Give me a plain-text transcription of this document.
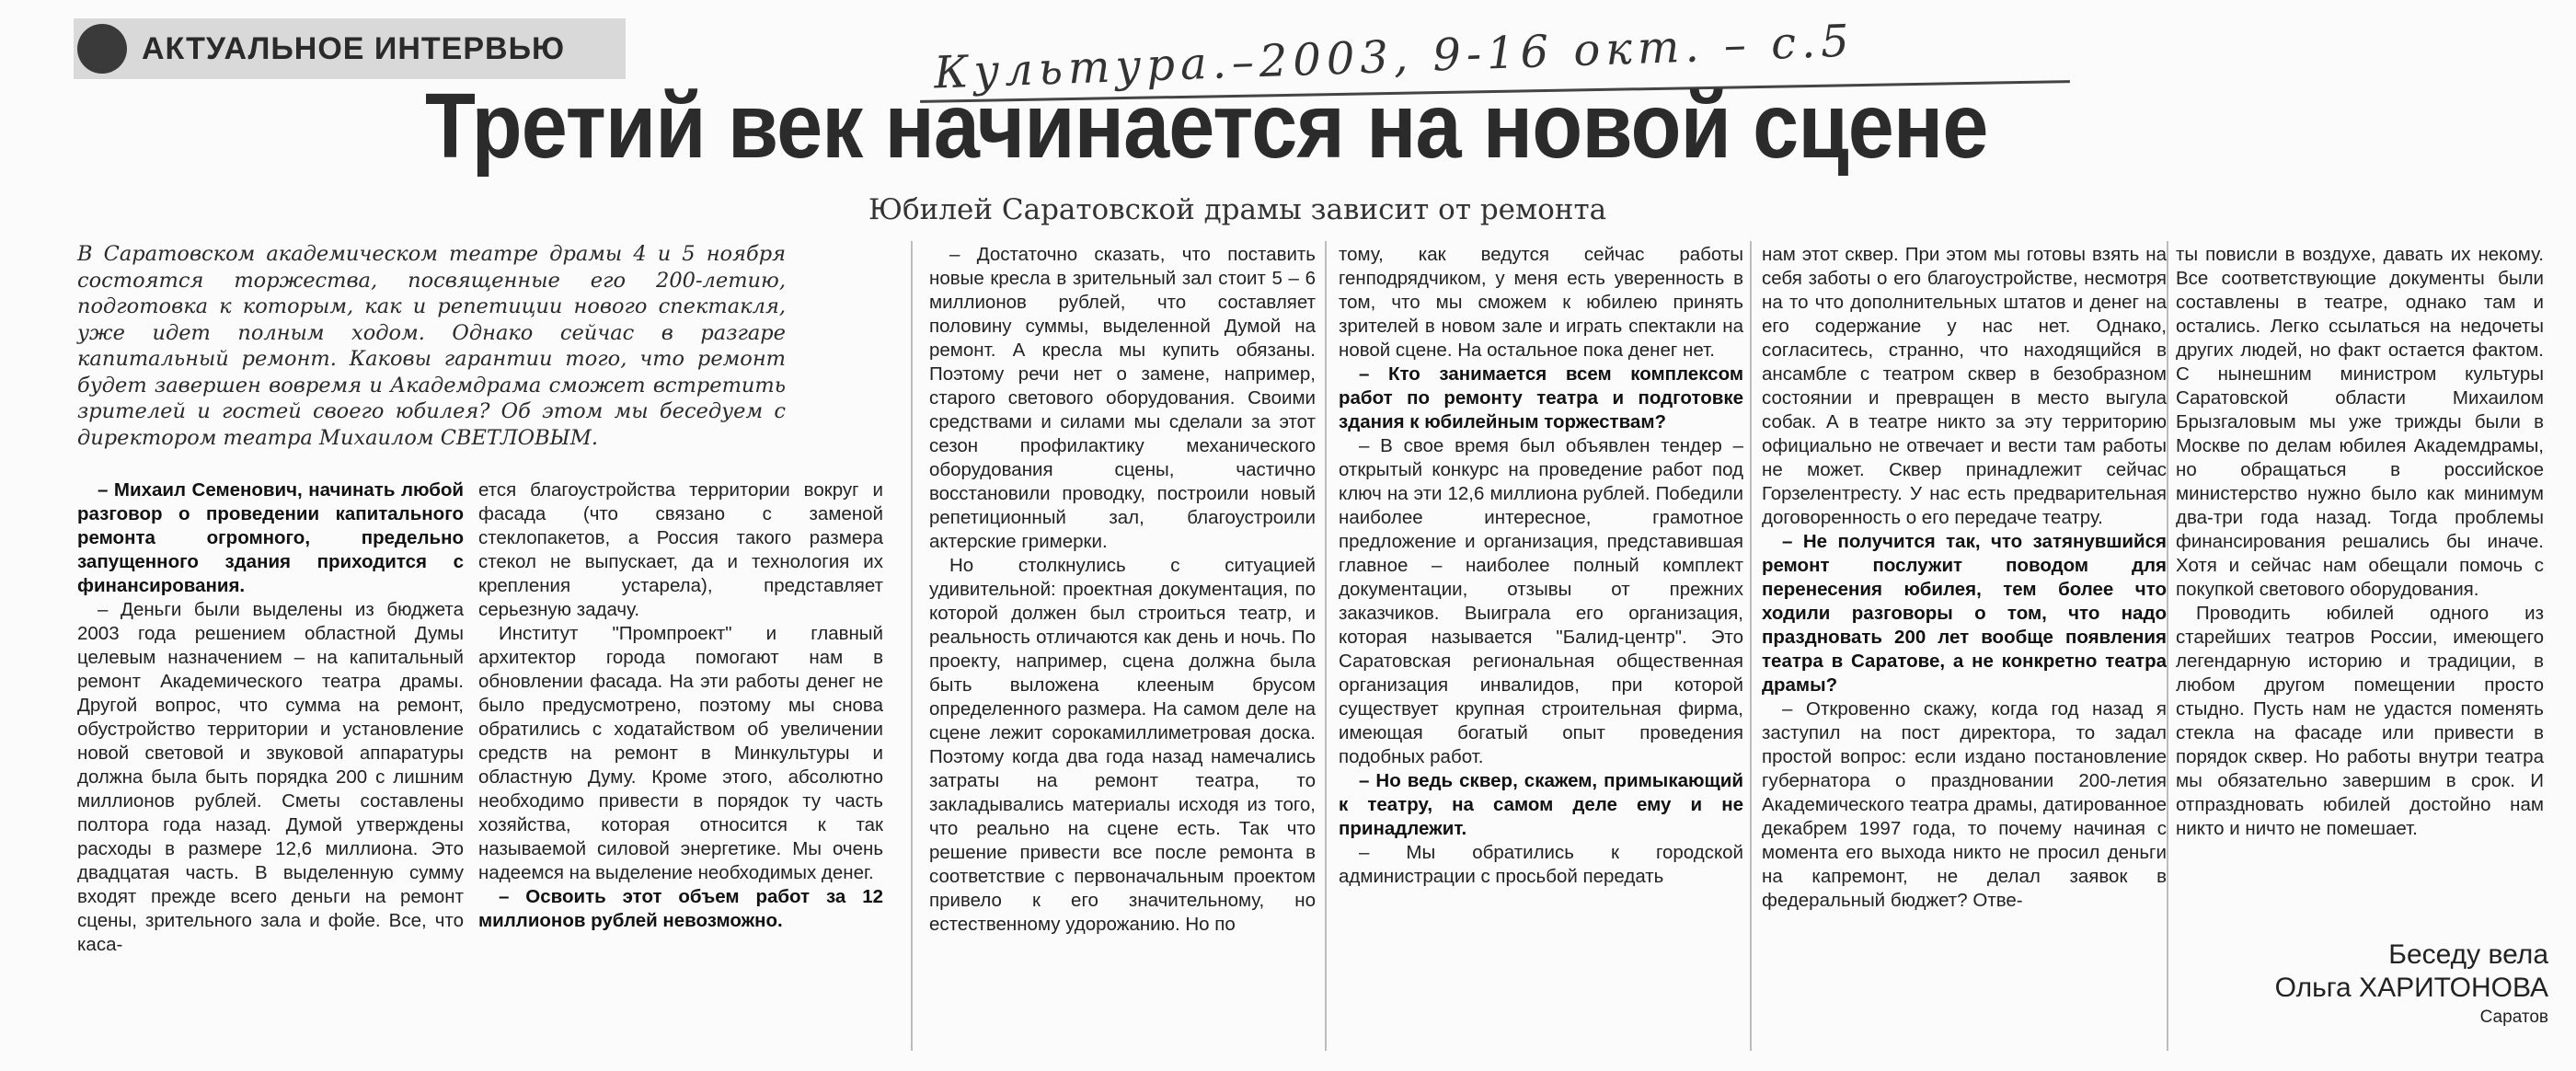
АКТУАЛЬНОЕ ИНТЕРВЬЮ	Культура.–2003, 9-16 окт. – с.5
Третий век начинается на новой сцене
Юбилей Саратовской драмы зависит от ремонта

В Саратовском академическом театре драмы 4 и 5 ноября состоятся торжества, посвященные его 200-летию, подготовка к которым, как и репетиции нового спектакля, уже идет полным ходом. Однако сейчас в разгаре капитальный ремонт. Каковы гарантии того, что ремонт будет завершен вовремя и Академдрама сможет встретить зрителей и гостей своего юбилея? Об этом мы беседуем с директором театра Михаилом СВЕТЛОВЫМ.

– Михаил Семенович, начинать любой разговор о проведении капитального ремонта огромного, предельно запущенного здания приходится с финансирования.

– Деньги были выделены из бюджета 2003 года решением областной Думы целевым назначением – на капитальный ремонт Академического театра драмы. Другой вопрос, что сумма на ремонт, обустройство территории и установление новой световой и звуковой аппаратуры должна была быть порядка 200 с лишним миллионов рублей. Сметы составлены полтора года назад. Думой утверждены расходы в размере 12,6 миллиона. Это двадцатая часть. В выделенную сумму входят прежде всего деньги на ремонт сцены, зрительного зала и фойе. Все, что каса-

ется благоустройства территории вокруг и фасада (что связано с заменой стеклопакетов, а Россия такого размера стекол не выпускает, да и технология их крепления устарела), представляет серьезную задачу.

Институт "Промпроект" и главный архитектор города помогают нам в обновлении фасада. На эти работы денег не было предусмотрено, поэтому мы снова обратились с ходатайством об увеличении средств на ремонт в Минкультуры и областную Думу. Кроме этого, абсолютно необходимо привести в порядок ту часть хозяйства, которая относится к так называемой силовой энергетике. Мы очень надеемся на выделение необходимых денег.

– Освоить этот объем работ за 12 миллионов рублей невозможно.

– Достаточно сказать, что поставить новые кресла в зрительный зал стоит 5 – 6 миллионов рублей, что составляет половину суммы, выделенной Думой на ремонт. А кресла мы купить обязаны. Поэтому речи нет о замене, например, старого светового оборудования. Своими средствами и силами мы сделали за этот сезон профилактику механического оборудования сцены, частично восстановили проводку, построили новый репетиционный зал, благоустроили актерские гримерки.

Но столкнулись с ситуацией удивительной: проектная документация, по которой должен был строиться театр, и реальность отличаются как день и ночь. По проекту, например, сцена должна была быть выложена клееным брусом определенного размера. На самом деле на сцене лежит сорокамиллиметровая доска. Поэтому когда два года назад намечались затраты на ремонт театра, то закладывались материалы исходя из того, что реально на сцене есть. Так что решение привести все после ремонта в соответствие с первоначальным проектом привело к его значительному, но естественному удорожанию. Но по

тому, как ведутся сейчас работы генподрядчиком, у меня есть уверенность в том, что мы сможем к юбилею принять зрителей в новом зале и играть спектакли на новой сцене. На остальное пока денег нет.

– Кто занимается всем комплексом работ по ремонту театра и подготовке здания к юбилейным торжествам?

– В свое время был объявлен тендер – открытый конкурс на проведение работ под ключ на эти 12,6 миллиона рублей. Победили наиболее интересное, грамотное предложение и организация, представившая главное – наиболее полный комплект документации, отзывы от прежних заказчиков. Выиграла его организация, которая называется "Балид-центр". Это Саратовская региональная общественная организация инвалидов, при которой существует крупная строительная фирма, имеющая богатый опыт проведения подобных работ.

– Но ведь сквер, скажем, примыкающий к театру, на самом деле ему и не принадлежит.

– Мы обратились к городской администрации с просьбой передать

нам этот сквер. При этом мы готовы взять на себя заботы о его благоустройстве, несмотря на то что дополнительных штатов и денег на его содержание у нас нет. Однако, согласитесь, странно, что находящийся в ансамбле с театром сквер в безобразном состоянии и превращен в место выгула собак. А в театре никто за эту территорию официально не отвечает и вести там работы не может. Сквер принадлежит сейчас Горзелентресту. У нас есть предварительная договоренность о его передаче театру.

– Не получится так, что затянувшийся ремонт послужит поводом для перенесения юбилея, тем более что ходили разговоры о том, что надо праздновать 200 лет вообще появления театра в Саратове, а не конкретно театра драмы?

– Откровенно скажу, когда год назад я заступил на пост директора, то задал простой вопрос: если издано постановление губернатора о праздновании 200-летия Академического театра драмы, датированное декабрем 1997 года, то почему начиная с момента его выхода никто не просил деньги на капремонт, не делал заявок в федеральный бюджет? Отве-

ты повисли в воздухе, давать их некому. Все соответствующие документы были составлены в театре, однако там и остались. Легко ссылаться на недочеты других людей, но факт остается фактом. С нынешним министром культуры Саратовской области Михаилом Брызгаловым мы уже трижды были в Москве по делам юбилея Академдрамы, но обращаться в российское министерство нужно было как минимум два-три года назад. Тогда проблемы финансирования решались бы иначе. Хотя и сейчас нам обещали помочь с покупкой светового оборудования.

Проводить юбилей одного из старейших театров России, имеющего легендарную историю и традиции, в любом другом помещении просто стыдно. Пусть нам не удастся поменять стекла на фасаде или привести в порядок сквер. Но работы внутри театра мы обязательно завершим в срок. И отпраздновать юбилей достойно нам никто и ничто не помешает.

Беседу вела
Ольга ХАРИТОНОВА
Саратов
